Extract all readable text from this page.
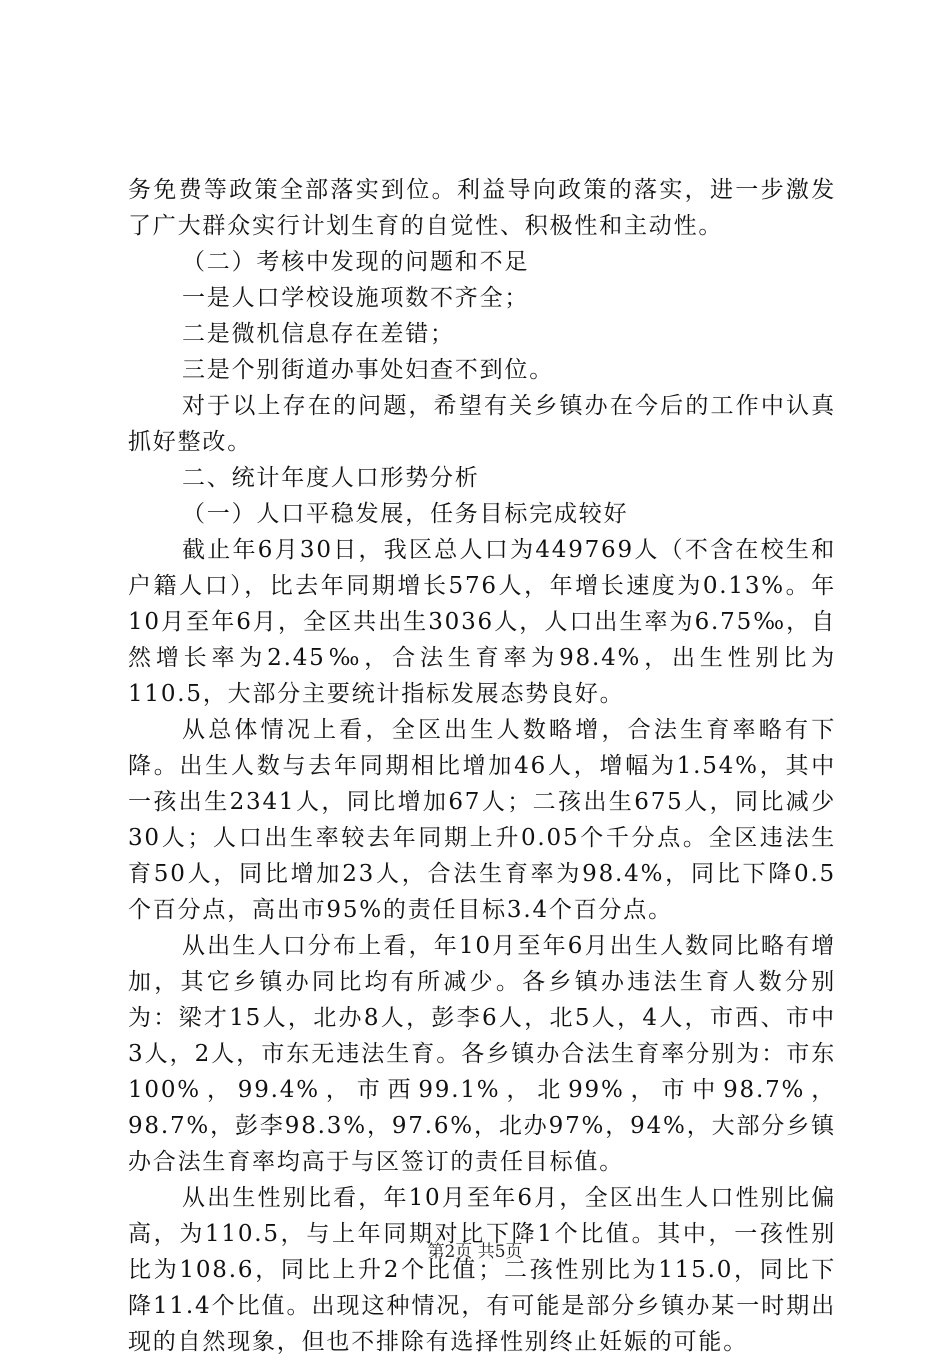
务免费等政策全部落实到位。利益导向政策的落实，进一步激发了广大群众实行计划生育的自觉性、积极性和主动性。

（二）考核中发现的问题和不足

一是人口学校设施项数不齐全；

二是微机信息存在差错；

三是个别街道办事处妇查不到位。

对于以上存在的问题，希望有关乡镇办在今后的工作中认真抓好整改。

二、统计年度人口形势分析

（一）人口平稳发展，任务目标完成较好

截止年6月30日，我区总人口为449769人（不含在校生和户籍人口），比去年同期增长576人，年增长速度为0.13%。年10月至年6月，全区共出生3036人，人口出生率为6.75‰，自然增长率为2.45‰，合法生育率为98.4%，出生性别比为110.5，大部分主要统计指标发展态势良好。

从总体情况上看，全区出生人数略增，合法生育率略有下降。出生人数与去年同期相比增加46人，增幅为1.54%，其中一孩出生2341人，同比增加67人；二孩出生675人，同比减少30人；人口出生率较去年同期上升0.05个千分点。全区违法生育50人，同比增加23人，合法生育率为98.4%，同比下降0.5个百分点，高出市95%的责任目标3.4个百分点。

从出生人口分布上看，年10月至年6月出生人数同比略有增加，其它乡镇办同比均有所减少。各乡镇办违法生育人数分别为：梁才15人，北办8人，彭李6人，北5人，4人，市西、市中3人，2人，市东无违法生育。各乡镇办合法生育率分别为：市东100%，99.4%，市西99.1%，北99%，市中98.7%，98.7%，彭李98.3%，97.6%，北办97%，94%，大部分乡镇办合法生育率均高于与区签订的责任目标值。

从出生性别比看，年10月至年6月，全区出生人口性别比偏高，为110.5，与上年同期对比下降1个比值。其中，一孩性别比为108.6，同比上升2个比值；二孩性别比为115.0，同比下降11.4个比值。出现这种情况，有可能是部分乡镇办某一时期出现的自然现象，但也不排除有选择性别终止妊娠的可能。

第2页 共5页
